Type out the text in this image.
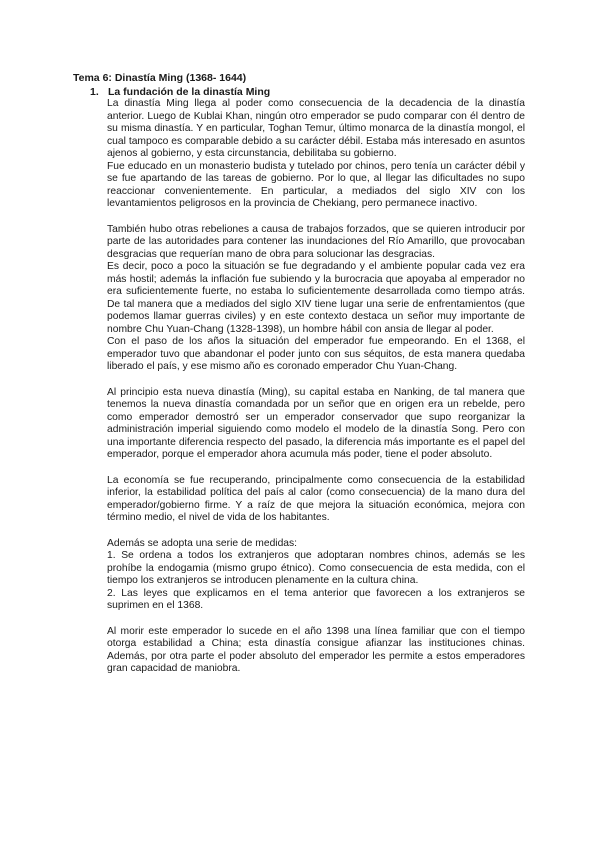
Tema 6: Dinastía Ming (1368- 1644)
1. La fundación de la dinastía Ming

La dinastía Ming llega al poder como consecuencia de la decadencia de la dinastía anterior. Luego de Kublai Khan, ningún otro emperador se pudo comparar con él dentro de su misma dinastía. Y en particular, Toghan Temur, último monarca de la dinastía mongol, el cual tampoco es comparable debido a su carácter débil. Estaba más interesado en asuntos ajenos al gobierno, y esta circunstancia, debilitaba su gobierno.

Fue educado en un monasterio budista y tutelado por chinos, pero tenía un carácter débil y se fue apartando de las tareas de gobierno. Por lo que, al llegar las dificultades no supo reaccionar convenientemente. En particular, a mediados del siglo XIV con los levantamientos peligrosos en la provincia de Chekiang, pero permanece inactivo.

También hubo otras rebeliones a causa de trabajos forzados, que se quieren introducir por parte de las autoridades para contener las inundaciones del Río Amarillo, que provocaban desgracias que requerían mano de obra para solucionar las desgracias.

Es decir, poco a poco la situación se fue degradando y el ambiente popular cada vez era más hostil; además la inflación fue subiendo y la burocracia que apoyaba al emperador no era suficientemente fuerte, no estaba lo suficientemente desarrollada como tiempo atrás. De tal manera que a mediados del siglo XIV tiene lugar una serie de enfrentamientos (que podemos llamar guerras civiles) y en este contexto destaca un señor muy importante de nombre Chu Yuan-Chang (1328-1398), un hombre hábil con ansia de llegar al poder.

Con el paso de los años la situación del emperador fue empeorando. En el 1368, el emperador tuvo que abandonar el poder junto con sus séquitos, de esta manera quedaba liberado el país, y ese mismo año es coronado emperador Chu Yuan-Chang.

Al principio esta nueva dinastía (Ming), su capital estaba en Nanking, de tal manera que tenemos la nueva dinastía comandada por un señor que en origen era un rebelde, pero como emperador demostró ser un emperador conservador que supo reorganizar la administración imperial siguiendo como modelo el modelo de la dinastía Song. Pero con una importante diferencia respecto del pasado, la diferencia más importante es el papel del emperador, porque el emperador ahora acumula más poder, tiene el poder absoluto.

La economía se fue recuperando, principalmente como consecuencia de la estabilidad inferior, la estabilidad política del país al calor (como consecuencia) de la mano dura del emperador/gobierno firme. Y a raíz de que mejora la situación económica, mejora con término medio, el nivel de vida de los habitantes.

Además se adopta una serie de medidas:

1. Se ordena a todos los extranjeros que adoptaran nombres chinos, además se les prohíbe la endogamia (mismo grupo étnico). Como consecuencia de esta medida, con el tiempo los extranjeros se introducen plenamente en la cultura china.

2. Las leyes que explicamos en el tema anterior que favorecen a los extranjeros se suprimen en el 1368.

Al morir este emperador lo sucede en el año 1398 una línea familiar que con el tiempo otorga estabilidad a China; esta dinastía consigue afianzar las instituciones chinas. Además, por otra parte el poder absoluto del emperador les permite a estos emperadores gran capacidad de maniobra.
